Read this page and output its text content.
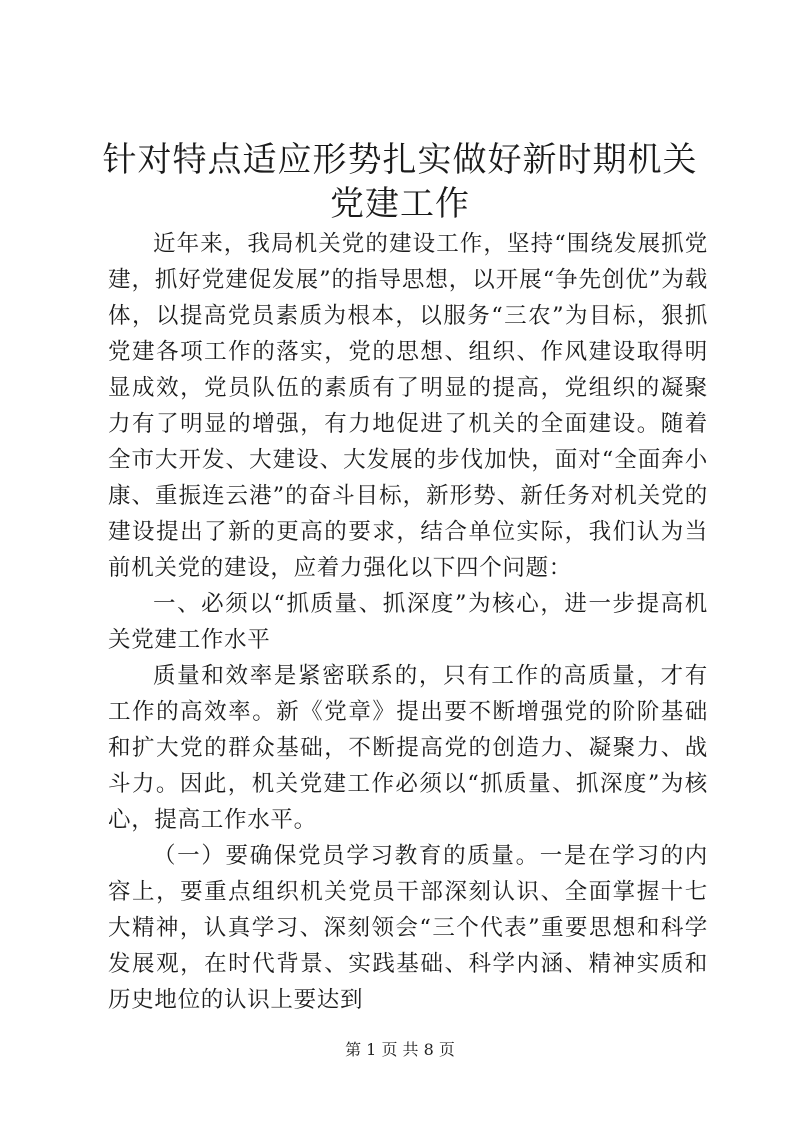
针对特点适应形势扎实做好新时期机关党建工作

近年来，我局机关党的建设工作，坚持“围绕发展抓党建，抓好党建促发展”的指导思想，以开展“争先创优”为载体，以提高党员素质为根本，以服务“三农”为目标，狠抓党建各项工作的落实，党的思想、组织、作风建设取得明显成效，党员队伍的素质有了明显的提高，党组织的凝聚力有了明显的增强，有力地促进了机关的全面建设。随着全市大开发、大建设、大发展的步伐加快，面对“全面奔小康、重振连云港”的奋斗目标，新形势、新任务对机关党的建设提出了新的更高的要求，结合单位实际，我们认为当前机关党的建设，应着力强化以下四个问题：

一、必须以“抓质量、抓深度”为核心，进一步提高机关党建工作水平

质量和效率是紧密联系的，只有工作的高质量，才有工作的高效率。新《党章》提出要不断增强党的阶阶基础和扩大党的群众基础，不断提高党的创造力、凝聚力、战斗力。因此，机关党建工作必须以“抓质量、抓深度”为核心，提高工作水平。

（一）要确保党员学习教育的质量。一是在学习的内容上，要重点组织机关党员干部深刻认识、全面掌握十七大精神，认真学习、深刻领会“三个代表”重要思想和科学发展观，在时代背景、实践基础、科学内涵、精神实质和历史地位的认识上要达到

第 1 页 共 8 页
